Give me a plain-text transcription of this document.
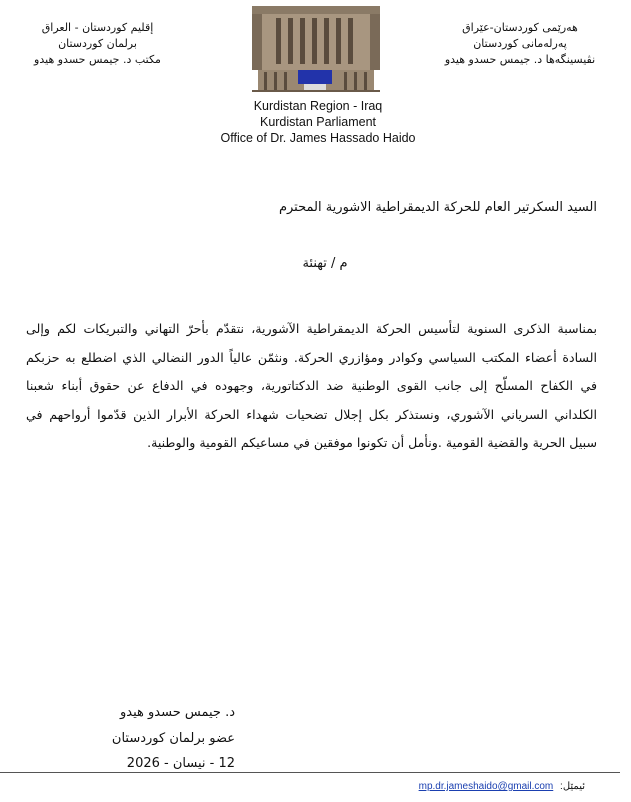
إقليم كوردستان - العراق
برلمان كوردستان
مكتب د. جيمس حسدو هيدو
هەرێمی کوردستان-عێراق
پەرلەمانی کوردستان
نڤیسینگەها د. جیمس حسدو هیدو
Kurdistan Region - Iraq
Kurdistan Parliament
Office of Dr. James Hassado Haido
السيد السكرتير العام للحركة الديمقراطية الاشورية المحترم
م / تهنئة
بمناسبة الذكرى السنوية لتأسيس الحركة الديمقراطية الآشورية، نتقدّم بأحرّ التهاني والتبريكات لكم وإلى
السادة أعضاء المكتب السياسي وكوادر ومؤازري الحركة. ونثمّن عالياً الدور النضالي الذي اضطلع به حزبكم
في الكفاح المسلّح إلى جانب القوى الوطنية ضد الدكتاتورية، وجهوده في الدفاع عن حقوق أبناء شعبنا
الكلداني السرياني الآشوري، ونستذكر بكل إجلال تضحيات شهداء الحركة الأبرار الذين قدّموا أرواحهم في
سبيل الحرية والقضية القومية .ونأمل أن تكونوا موفقين في مساعيكم القومية والوطنية.
د. جيمس حسدو هيدو
عضو برلمان كوردستان
12 - نيسان - 2026
ئیمێل: mp.dr.jameshaido@gmail.com
